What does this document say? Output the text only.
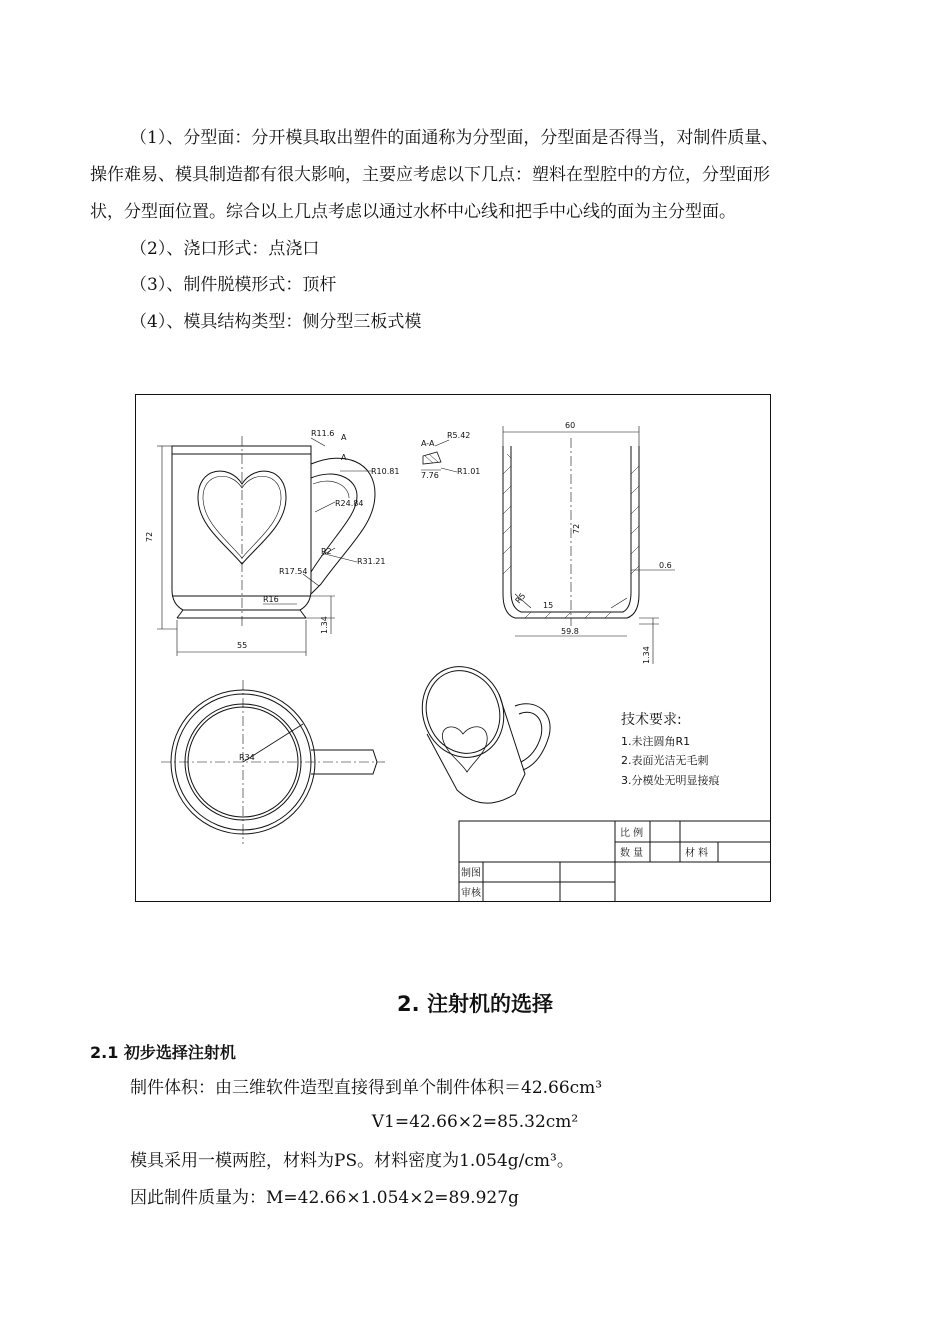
（1）、分型面：分开模具取出塑件的面通称为分型面，分型面是否得当，对制件质量、
操作难易、模具制造都有很大影响，主要应考虑以下几点：塑料在型腔中的方位，分型面形
状，分型面位置。综合以上几点考虑以通过水杯中心线和把手中心线的面为主分型面。
（2）、浇口形式：点浇口
（3）、制件脱模形式：顶杆
（4）、模具结构类型：侧分型三板式模
72
55
1.34
R11.6
R10.81
R24.84
R2
R31.21
R17.54
R16
A
A
A-A
R5.42
7.76 R1.01
60
72
0.6
59.8
1.34
R5
15
R34
技术要求:
1.未注圆角R1
2.表面光洁无毛刺
3.分模处无明显接痕
比 例
数 量	材 料
制图
审核
2. 注射机的选择
2.1 初步选择注射机
制件体积：由三维软件造型直接得到单个制件体积＝42.66cm³
V1=42.66×2=85.32cm²
模具采用一模两腔，材料为PS。材料密度为1.054g/cm³。
因此制件质量为：M=42.66×1.054×2=89.927g
